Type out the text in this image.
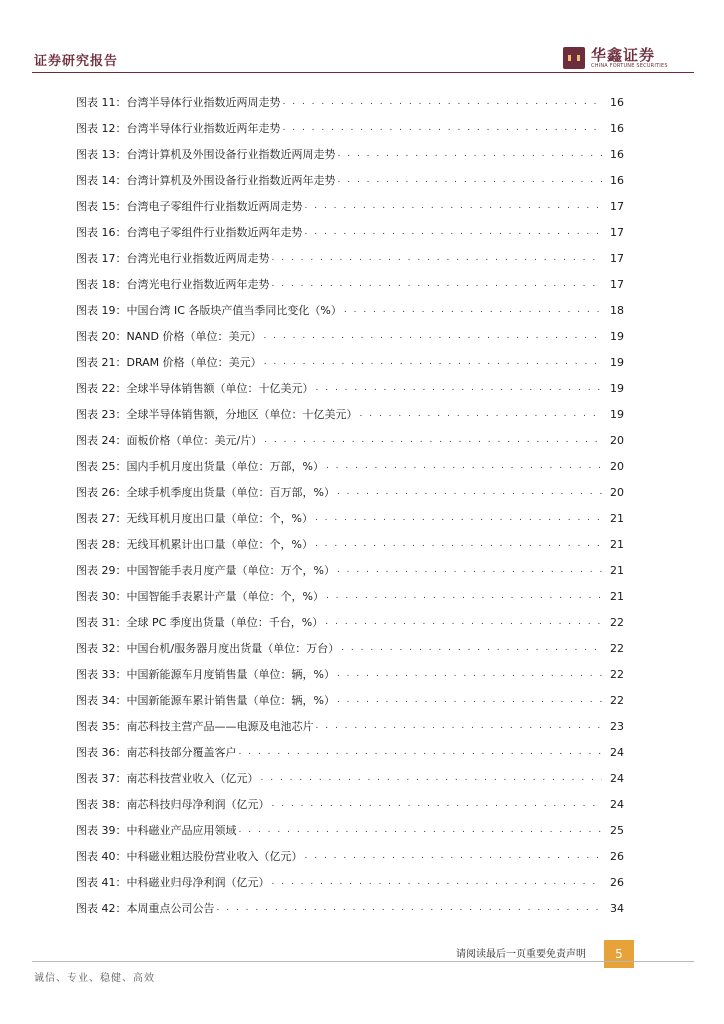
证券研究报告	华鑫证券
CHINA FORTUNE SECURITIES
图表 11：台湾半导体行业指数近两周走势 . . .	16
图表 12：台湾半导体行业指数近两年走势 . . .	16
图表 13：台湾计算机及外围设备行业指数近两周走势 . . .	16
图表 14：台湾计算机及外围设备行业指数近两年走势 . . .	16
图表 15：台湾电子零组件行业指数近两周走势 . . .	17
图表 16：台湾电子零组件行业指数近两年走势 . . .	17
图表 17：台湾光电行业指数近两周走势 . . .	17
图表 18：台湾光电行业指数近两年走势 . . .	17
图表 19：中国台湾 IC 各版块产值当季同比变化（%） . . .	18
图表 20：NAND 价格（单位：美元） . . .	19
图表 21：DRAM 价格（单位：美元） . . .	19
图表 22：全球半导体销售额（单位：十亿美元） . . .	19
图表 23：全球半导体销售额，分地区（单位：十亿美元） . . .	19
图表 24：面板价格（单位：美元/片） . . .	20
图表 25：国内手机月度出货量（单位：万部，%） . . .	20
图表 26：全球手机季度出货量（单位：百万部，%） . . .	20
图表 27：无线耳机月度出口量（单位：个，%） . . .	21
图表 28：无线耳机累计出口量（单位：个，%） . . .	21
图表 29：中国智能手表月度产量（单位：万个，%） . . .	21
图表 30：中国智能手表累计产量（单位：个，%） . . .	21
图表 31：全球 PC 季度出货量（单位：千台，%） . . .	22
图表 32：中国台机/服务器月度出货量（单位：万台） . . .	22
图表 33：中国新能源车月度销售量（单位：辆，%） . . .	22
图表 34：中国新能源车累计销售量（单位：辆，%） . . .	22
图表 35：南芯科技主营产品——电源及电池芯片 . . .	23
图表 36：南芯科技部分覆盖客户 . . .	24
图表 37：南芯科技营业收入（亿元） . . .	24
图表 38：南芯科技归母净利润（亿元） . . .	24
图表 39：中科磁业产品应用领域 . . .	25
图表 40：中科磁业粗达股份营业收入（亿元） . . .	26
图表 41：中科磁业归母净利润（亿元） . . .	26
图表 42：本周重点公司公告 . . .	34
请阅读最后一页重要免责声明	5
诚信、专业、稳健、高效
